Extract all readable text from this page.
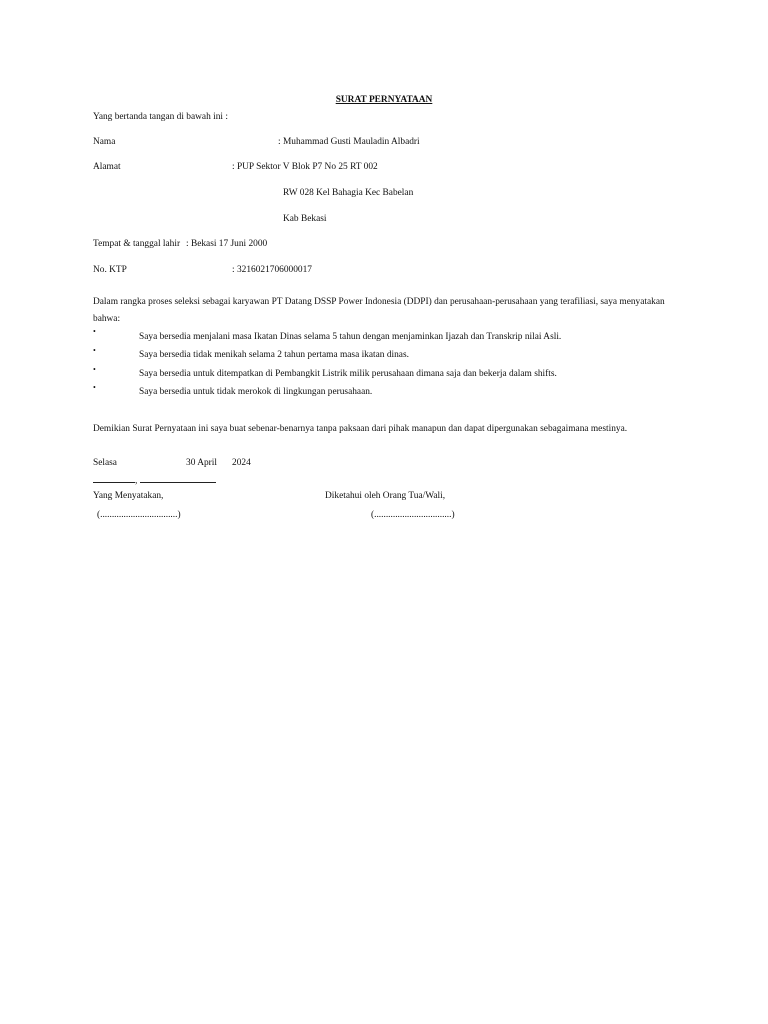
SURAT PERNYATAAN
Yang bertanda tangan di bawah ini :
Nama	: Muhammad Gusti Mauladin Albadri
Alamat	: PUP Sektor V Blok P7 No 25 RT 002
RW 028 Kel Bahagia Kec Babelan
Kab Bekasi
Tempat & tanggal lahir : Bekasi 17 Juni 2000
No. KTP	: 3216021706000017
Dalam rangka proses seleksi sebagai karyawan PT Datang DSSP Power Indonesia (DDPI) dan perusahaan-perusahaan yang terafiliasi, saya menyatakan
bahwa:
•
Saya bersedia menjalani masa Ikatan Dinas selama 5 tahun dengan menjaminkan Ijazah dan Transkrip nilai Asli.
•	Saya bersedia tidak menikah selama 2 tahun pertama masa ikatan dinas.
•	Saya bersedia untuk ditempatkan di Pembangkit Listrik milik perusahaan dimana saja dan bekerja dalam shifts.
•	Saya bersedia untuk tidak merokok di lingkungan perusahaan.
Demikian Surat Pernyataan ini saya buat sebenar-benarnya tanpa paksaan dari pihak manapun dan dapat dipergunakan sebagaimana mestinya.
Selasa	30 April 2024
,
Yang Menyatakan,	Diketahui oleh Orang Tua/Wali,
(.................................)	(.................................)
